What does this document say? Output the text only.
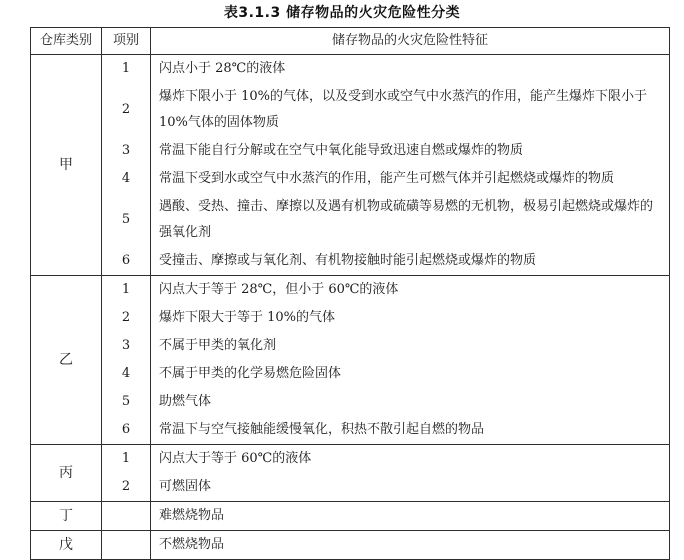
表3.1.3 储存物品的火灾危险性分类
仓库类别	项别	储存物品的火灾危险性特征
甲	1	闪点小于 28℃的液体
	2	爆炸下限小于 10%的气体，以及受到水或空气中水蒸汽的作用，能产生爆炸下限小于 10%气体的固体物质
	3	常温下能自行分解或在空气中氧化能导致迅速自燃或爆炸的物质
	4	常温下受到水或空气中水蒸汽的作用，能产生可燃气体并引起燃烧或爆炸的物质
	5	遇酸、受热、撞击、摩擦以及遇有机物或硫磺等易燃的无机物，极易引起燃烧或爆炸的强氧化剂
	6	受撞击、摩擦或与氧化剂、有机物接触时能引起燃烧或爆炸的物质
乙	1	闪点大于等于 28℃，但小于 60℃的液体
	2	爆炸下限大于等于 10%的气体
	3	不属于甲类的氧化剂
	4	不属于甲类的化学易燃危险固体
	5	助燃气体
	6	常温下与空气接触能缓慢氧化，积热不散引起自燃的物品
丙	1	闪点大于等于 60℃的液体
	2	可燃固体
丁		难燃烧物品
戊		不燃烧物品
